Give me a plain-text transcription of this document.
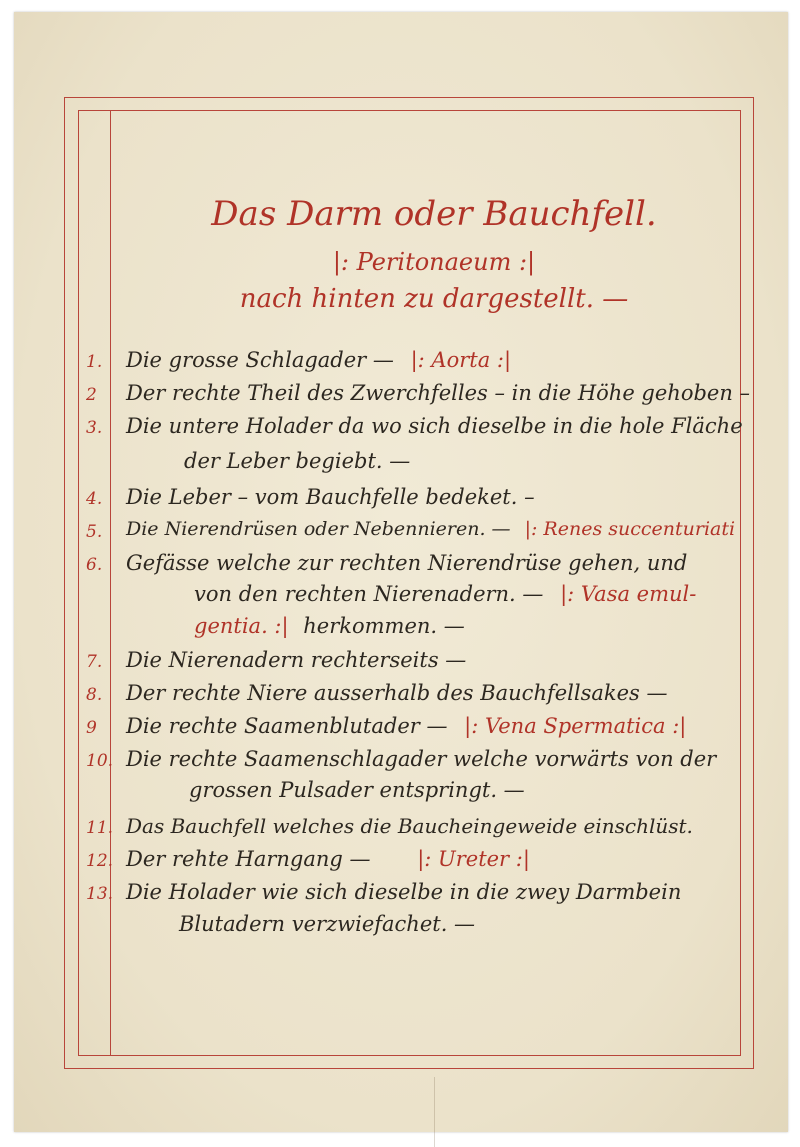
Das Darm oder Bauchfell.
|: Peritonaeum :|
nach hinten zu dargestellt. —
1. Die grosse Schlagader — |: Aorta :|
2 Der rechte Theil des Zwerchfelles – in die Höhe gehoben –
3. Die untere Holader da wo sich dieselbe in die hole Fläche
der Leber begiebt. —
4. Die Leber – vom Bauchfelle bedeket. –
5. Die Nierendrüsen oder Nebennieren. — |: Renes succenturiati
6. Gefässe welche zur rechten Nierendrüse gehen, und
von den rechten Nierenadern. — |: Vasa emul-
gentia. :| herkommen. —
7. Die Nierenadern rechterseits —
8. Der rechte Niere ausserhalb des Bauchfellsakes —
9 Die rechte Saamenblutader — |: Vena Spermatica :|
10. Die rechte Saamenschlagader welche vorwärts von der
grossen Pulsader entspringt. —
11. Das Bauchfell welches die Baucheingeweide einschlüst.
12. Der rehte Harngang — |: Ureter :|
13. Die Holader wie sich dieselbe in die zwey Darmbein
Blutadern verzwiefachet. —
